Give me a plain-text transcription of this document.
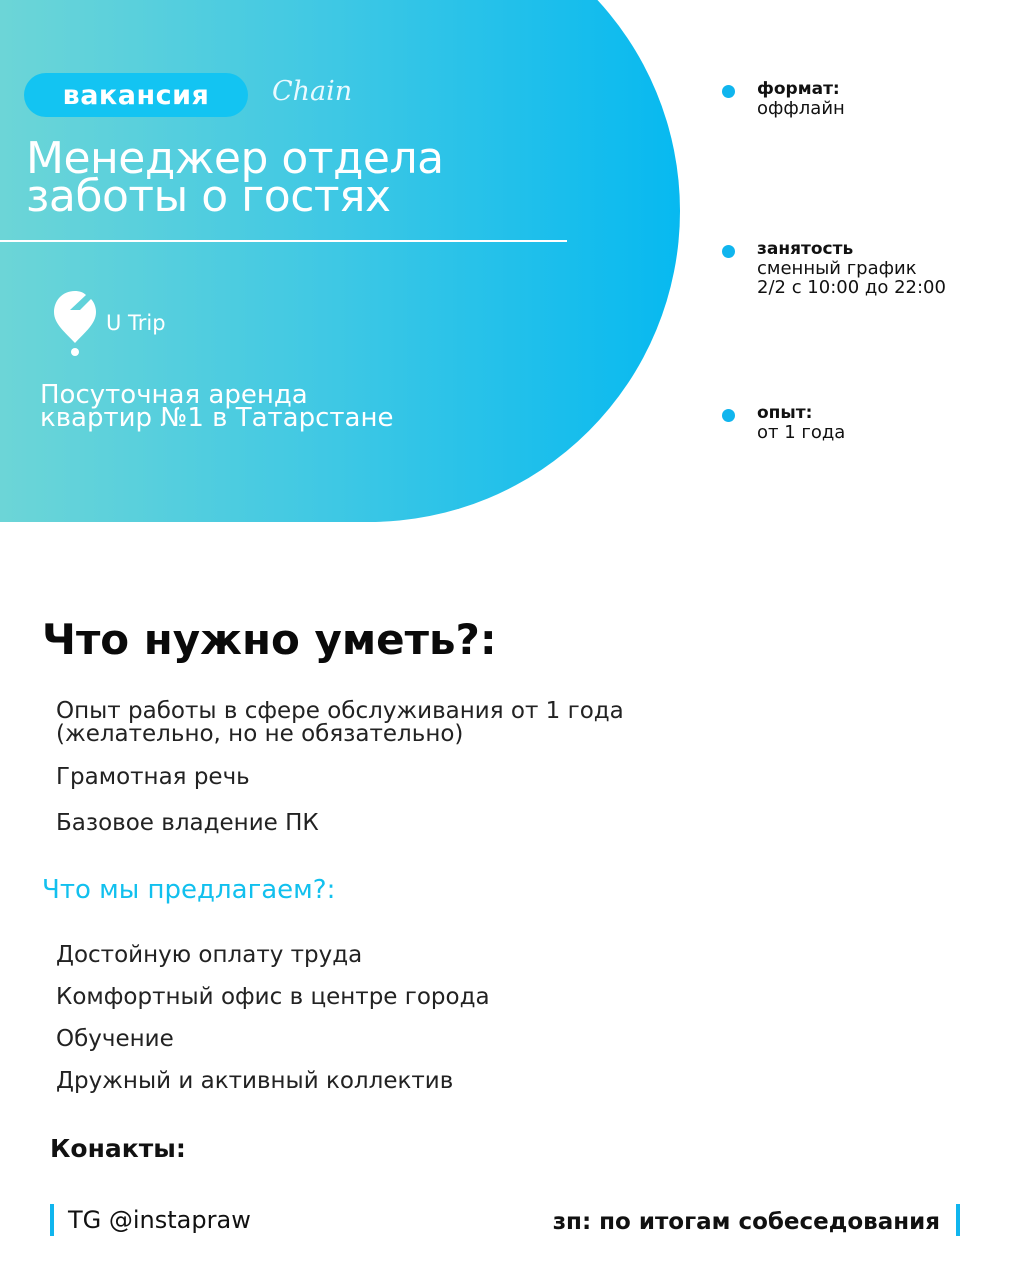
вакансия	Chain
Менеджер отдела
заботы о гостях
U Trip
Посуточная аренда
квартир №1 в Татарстане
формат:
оффлайн
занятость
сменный график
2/2 с 10:00 до 22:00
опыт:
от 1 года
Что нужно уметь?:
Опыт работы в сфере обслуживания от 1 года
(желательно, но не обязательно)
Грамотная речь
Базовое владение ПК
Что мы предлагаем?:
Достойную оплату труда
Комфортный офис в центре города
Обучение
Дружный и активный коллектив
Конакты:
TG @instapraw	зп: по итогам собеседования
